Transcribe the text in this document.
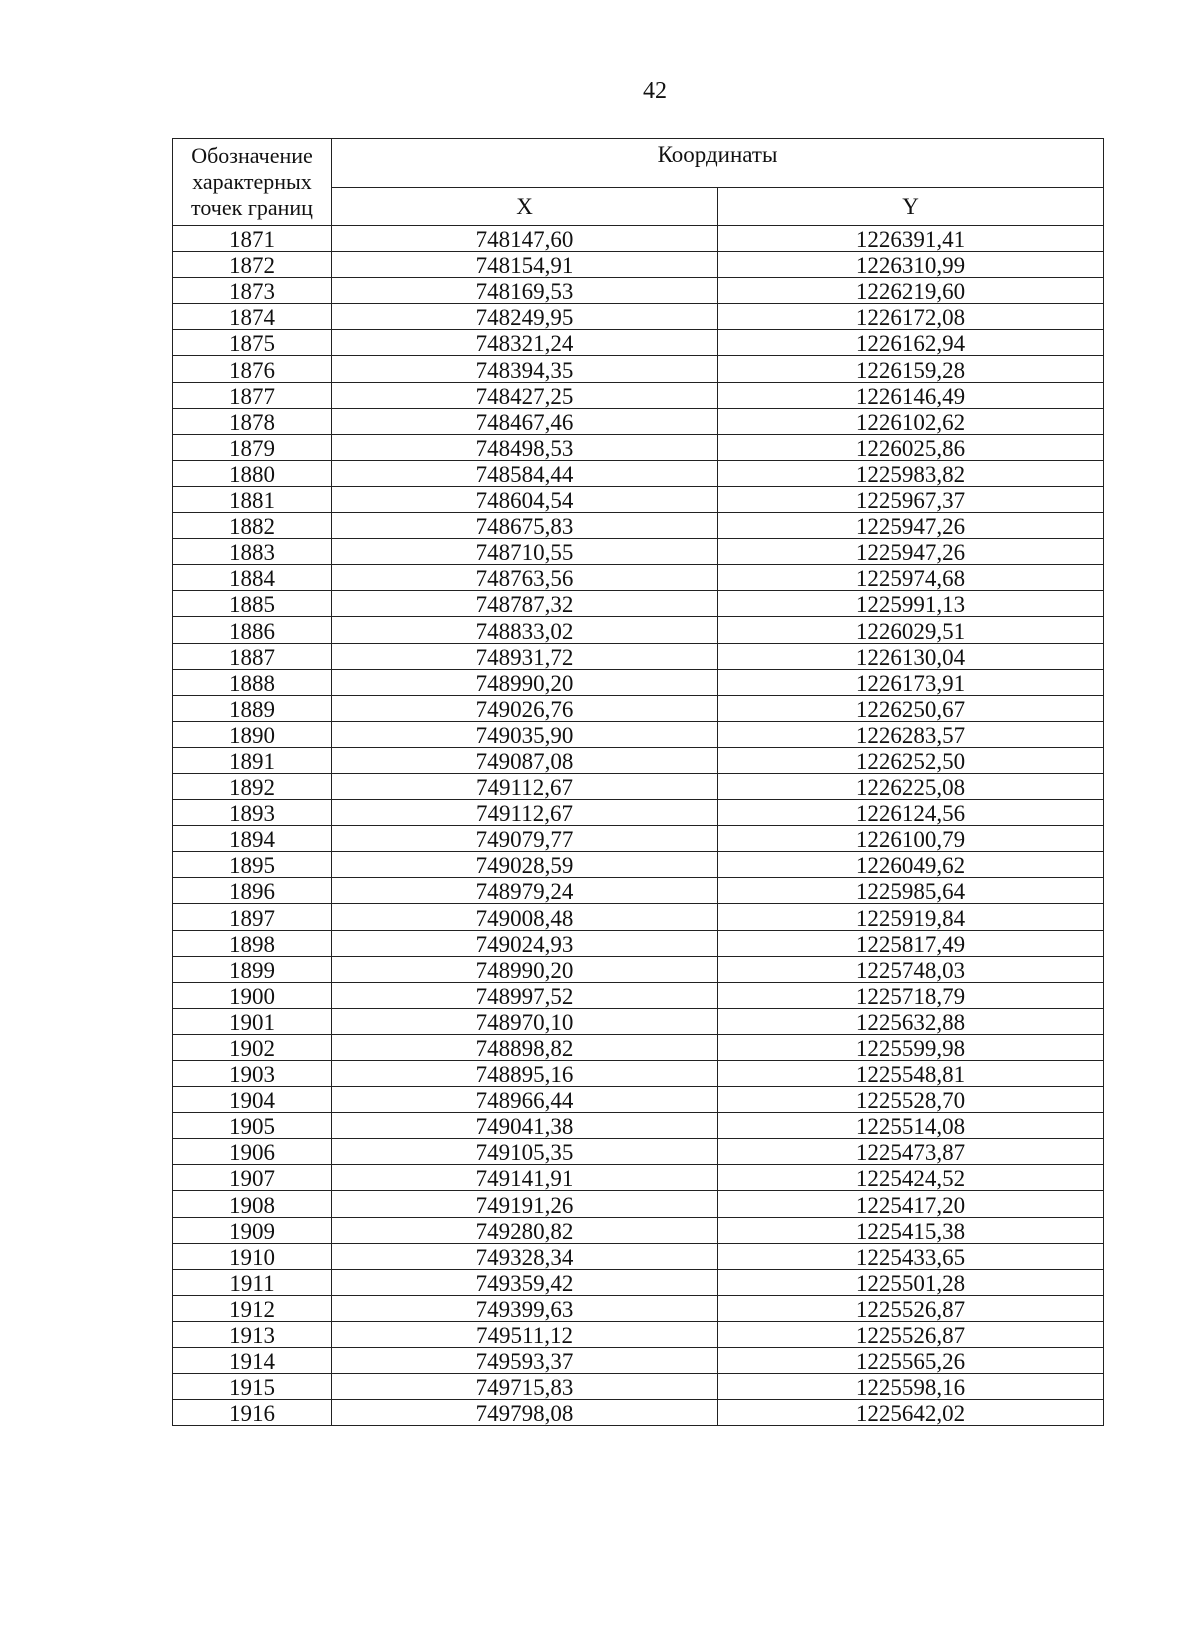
42
Обозначение характерных точек границ	Координаты	
	X	Y
1871	748147,60	1226391,41
1872	748154,91	1226310,99
1873	748169,53	1226219,60
1874	748249,95	1226172,08
1875	748321,24	1226162,94
1876	748394,35	1226159,28
1877	748427,25	1226146,49
1878	748467,46	1226102,62
1879	748498,53	1226025,86
1880	748584,44	1225983,82
1881	748604,54	1225967,37
1882	748675,83	1225947,26
1883	748710,55	1225947,26
1884	748763,56	1225974,68
1885	748787,32	1225991,13
1886	748833,02	1226029,51
1887	748931,72	1226130,04
1888	748990,20	1226173,91
1889	749026,76	1226250,67
1890	749035,90	1226283,57
1891	749087,08	1226252,50
1892	749112,67	1226225,08
1893	749112,67	1226124,56
1894	749079,77	1226100,79
1895	749028,59	1226049,62
1896	748979,24	1225985,64
1897	749008,48	1225919,84
1898	749024,93	1225817,49
1899	748990,20	1225748,03
1900	748997,52	1225718,79
1901	748970,10	1225632,88
1902	748898,82	1225599,98
1903	748895,16	1225548,81
1904	748966,44	1225528,70
1905	749041,38	1225514,08
1906	749105,35	1225473,87
1907	749141,91	1225424,52
1908	749191,26	1225417,20
1909	749280,82	1225415,38
1910	749328,34	1225433,65
1911	749359,42	1225501,28
1912	749399,63	1225526,87
1913	749511,12	1225526,87
1914	749593,37	1225565,26
1915	749715,83	1225598,16
1916	749798,08	1225642,02
